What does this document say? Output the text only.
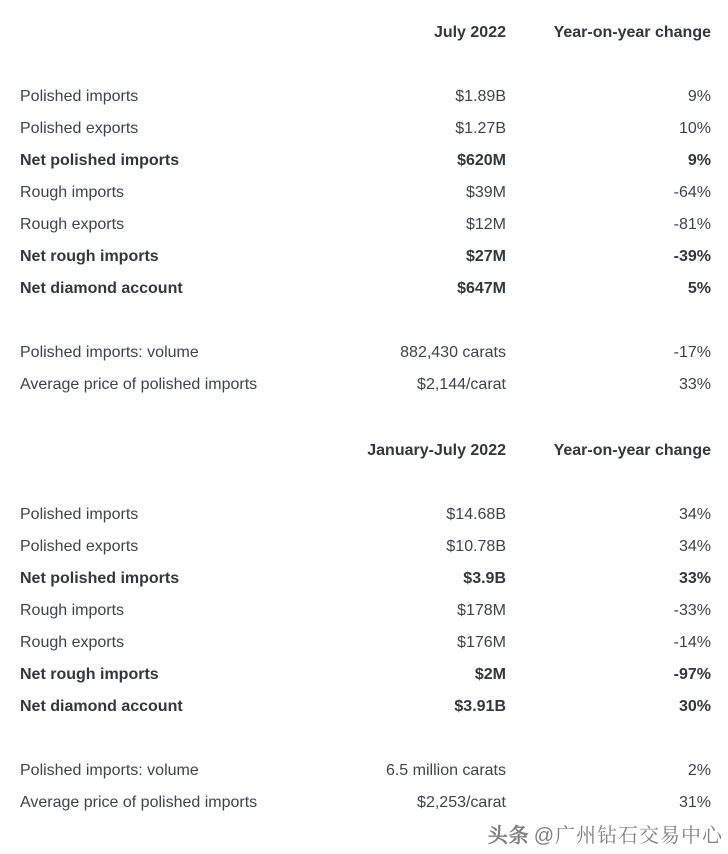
	July 2022	Year-on-year change

Polished imports	$1.89B	9%
Polished exports	$1.27B	10%
Net polished imports	$620M	9%
Rough imports	$39M	-64%
Rough exports	$12M	-81%
Net rough imports	$27M	-39%
Net diamond account	$647M	5%

Polished imports: volume	882,430 carats	-17%
Average price of polished imports	$2,144/carat	33%
	January-July 2022	Year-on-year change

Polished imports	$14.68B	34%
Polished exports	$10.78B	34%
Net polished imports	$3.9B	33%
Rough imports	$178M	-33%
Rough exports	$176M	-14%
Net rough imports	$2M	-97%
Net diamond account	$3.91B	30%

Polished imports: volume	6.5 million carats	2%
Average price of polished imports	$2,253/carat	31%
头条 @广州钻石交易中心
